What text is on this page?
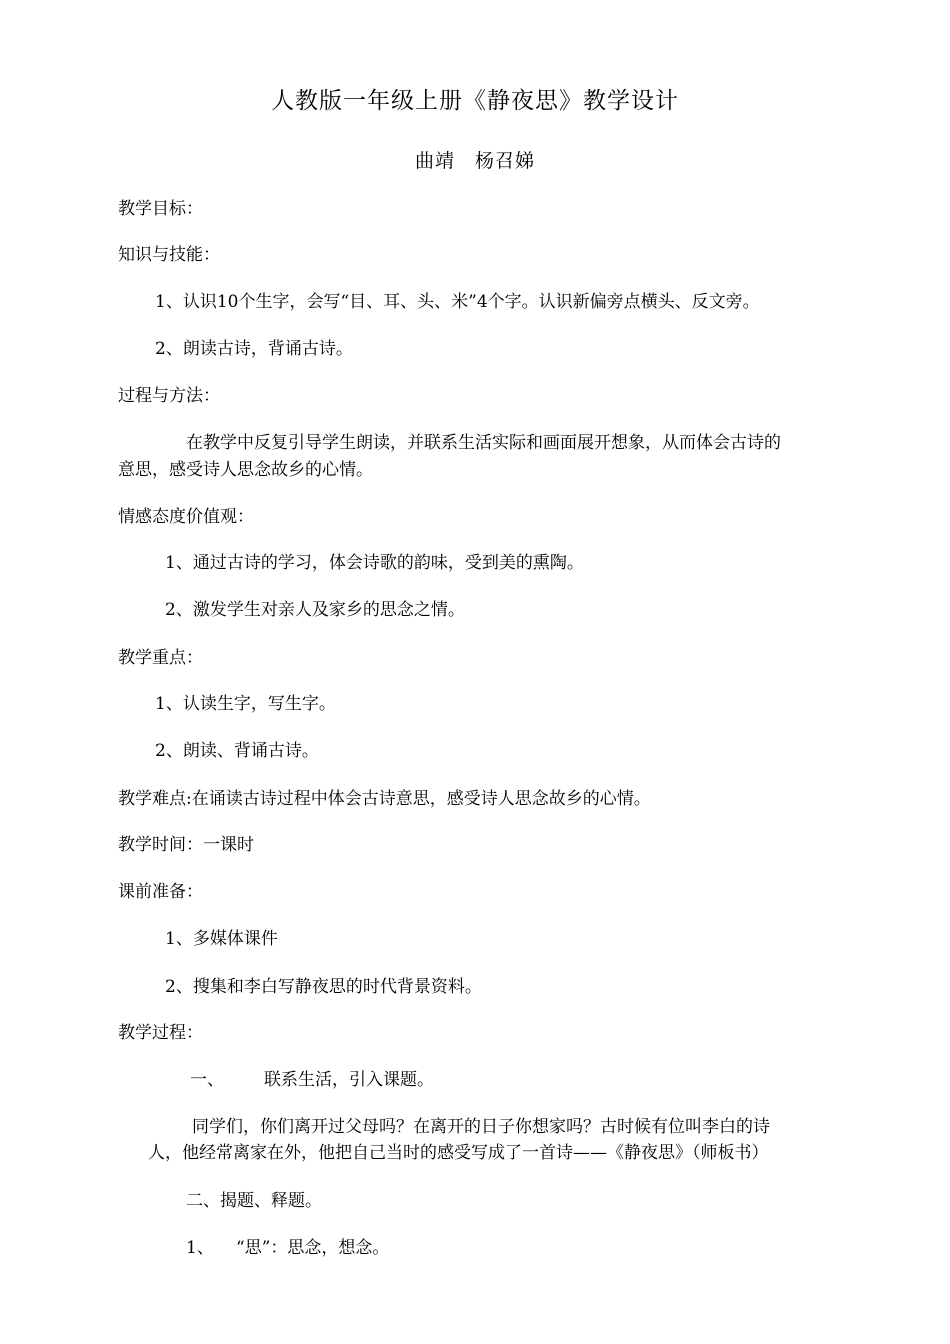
人教版一年级上册《静夜思》教学设计
曲靖　杨召娣
教学目标：
知识与技能：
1、认识10个生字，会写“目、耳、头、米”4个字。认识新偏旁点横头、反文旁。
2、朗读古诗，背诵古诗。
过程与方法：
在教学中反复引导学生朗读，并联系生活实际和画面展开想象，从而体会古诗的
意思，感受诗人思念故乡的心情。
情感态度价值观：
1、通过古诗的学习，体会诗歌的韵味，受到美的熏陶。
2、激发学生对亲人及家乡的思念之情。
教学重点：
1、认读生字，写生字。
2、朗读、背诵古诗。
教学难点:在诵读古诗过程中体会古诗意思，感受诗人思念故乡的心情。
教学时间：一课时
课前准备：
1、多媒体课件
2、搜集和李白写静夜思的时代背景资料。
教学过程：
一、 联系生活，引入课题。
同学们，你们离开过父母吗？在离开的日子你想家吗？古时候有位叫李白的诗
人，他经常离家在外，他把自己当时的感受写成了一首诗——《静夜思》（师板书）
二、揭题、释题。
1、 “思”：思念，想念。
